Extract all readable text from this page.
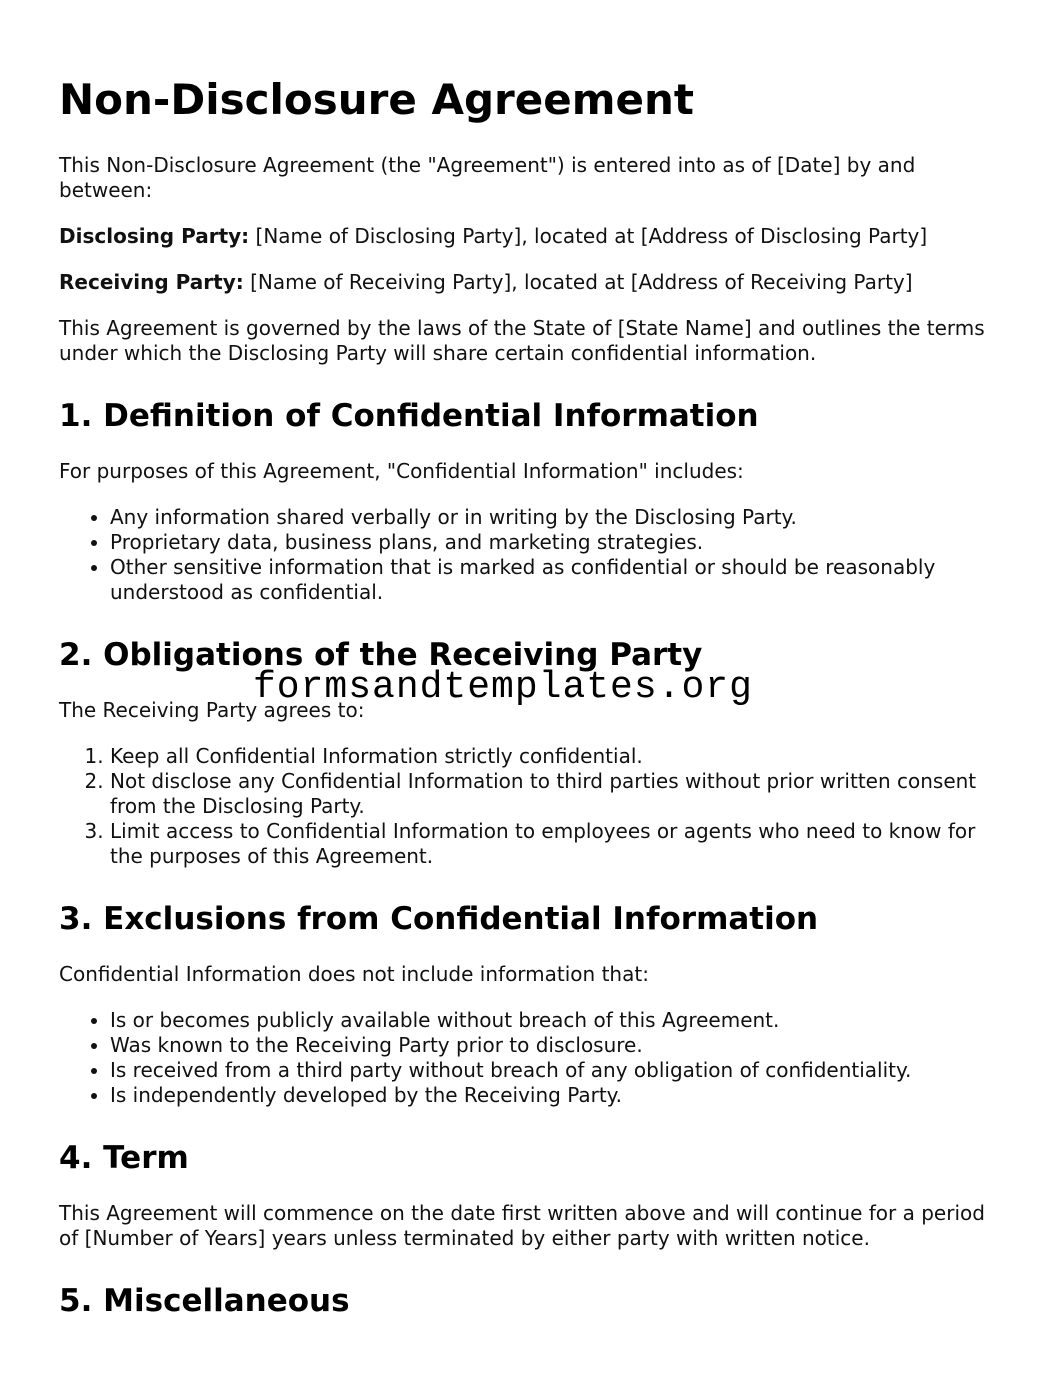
Non-Disclosure Agreement

This Non-Disclosure Agreement (the "Agreement") is entered into as of [Date] by and between:

Disclosing Party: [Name of Disclosing Party], located at [Address of Disclosing Party]

Receiving Party: [Name of Receiving Party], located at [Address of Receiving Party]

This Agreement is governed by the laws of the State of [State Name] and outlines the terms under which the Disclosing Party will share certain confidential information.

1. Definition of Confidential Information

For purposes of this Agreement, "Confidential Information" includes:

• Any information shared verbally or in writing by the Disclosing Party.
• Proprietary data, business plans, and marketing strategies.
• Other sensitive information that is marked as confidential or should be reasonably understood as confidential.
2. Obligations of the Receiving Party

The Receiving Party agrees to:

1. Keep all Confidential Information strictly confidential.
2. Not disclose any Confidential Information to third parties without prior written consent from the Disclosing Party.
3. Limit access to Confidential Information to employees or agents who need to know for the purposes of this Agreement.
3. Exclusions from Confidential Information

Confidential Information does not include information that:

• Is or becomes publicly available without breach of this Agreement.
• Was known to the Receiving Party prior to disclosure.
• Is received from a third party without breach of any obligation of confidentiality.
• Is independently developed by the Receiving Party.
4. Term

This Agreement will commence on the date first written above and will continue for a period of [Number of Years] years unless terminated by either party with written notice.

5. Miscellaneous
formsandtemplates.org
